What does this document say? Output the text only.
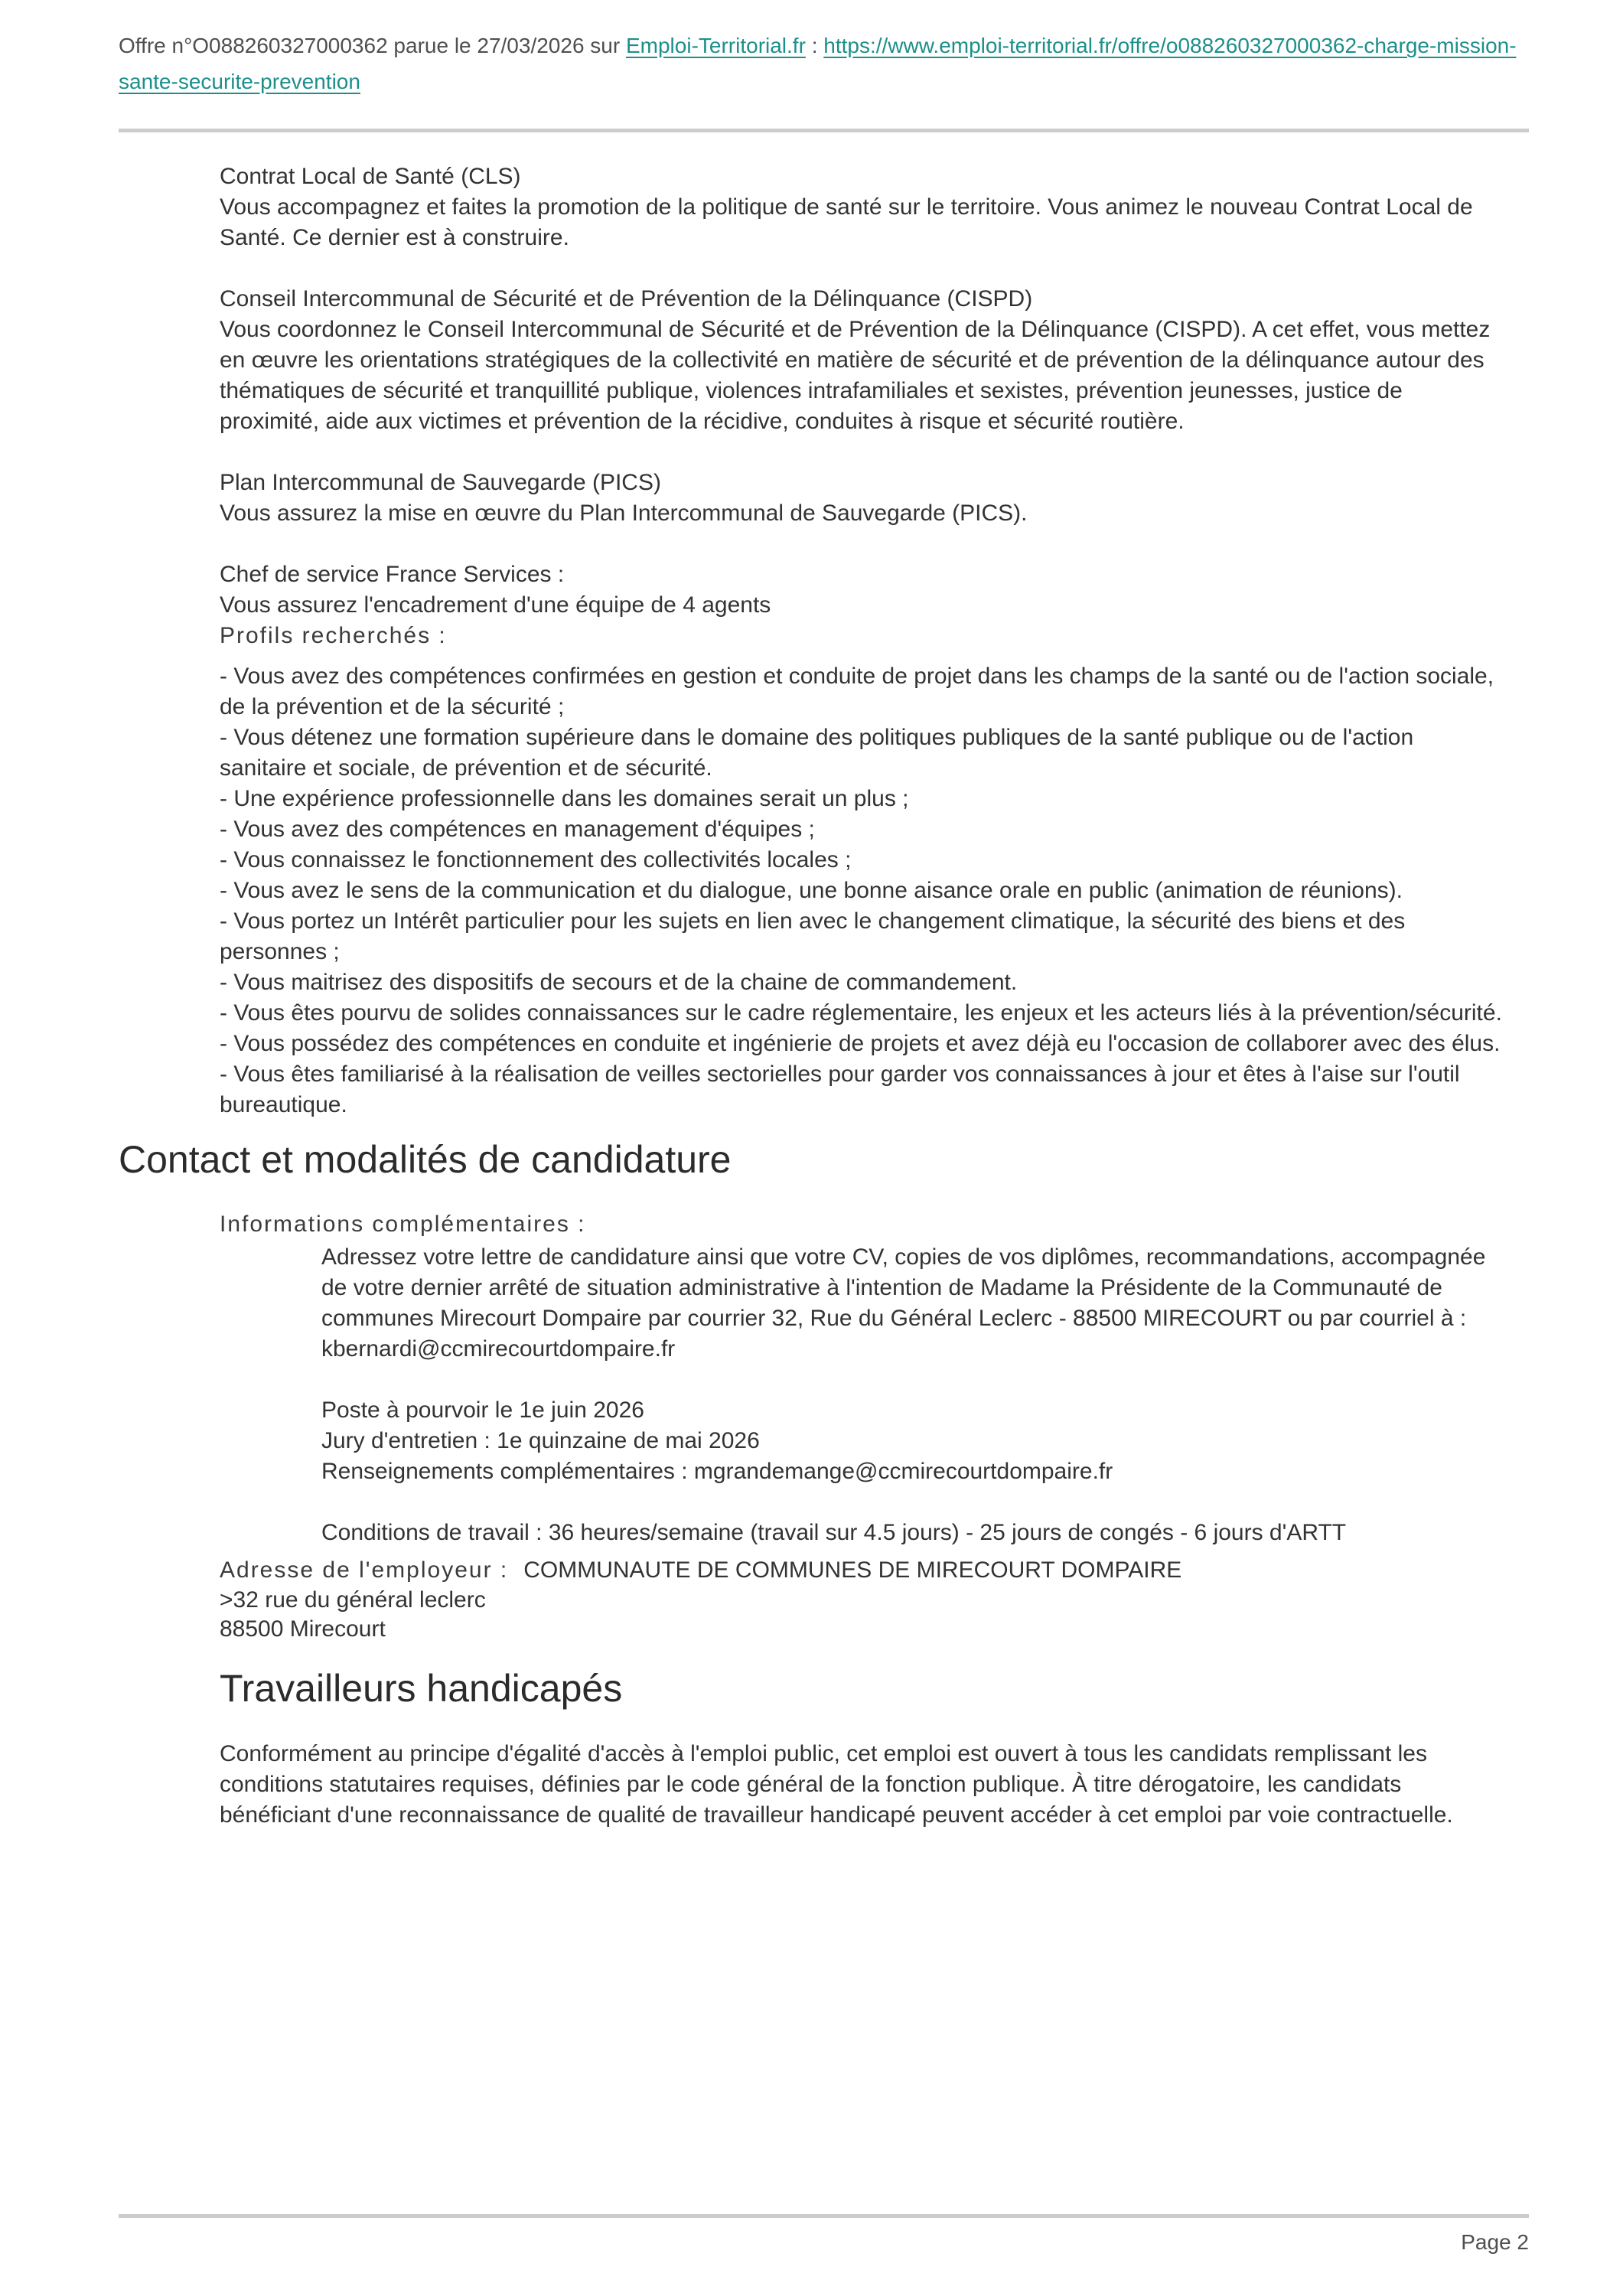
Offre n°O088260327000362 parue le 27/03/2026 sur Emploi-Territorial.fr : https://www.emploi-territorial.fr/offre/o088260327000362-charge-mission-sante-securite-prevention
Contrat Local de Santé (CLS)
Vous accompagnez et faites la promotion de la politique de santé sur le territoire. Vous animez le nouveau Contrat Local de Santé. Ce dernier est à construire.
Conseil Intercommunal de Sécurité et de Prévention de la Délinquance (CISPD)
Vous coordonnez le Conseil Intercommunal de Sécurité et de Prévention de la Délinquance (CISPD). A cet effet, vous mettez en œuvre les orientations stratégiques de la collectivité en matière de sécurité et de prévention de la délinquance autour des thématiques de sécurité et tranquillité publique, violences intrafamiliales et sexistes, prévention jeunesses, justice de proximité, aide aux victimes et prévention de la récidive, conduites à risque et sécurité routière.
Plan Intercommunal de Sauvegarde (PICS)
Vous assurez la mise en œuvre du Plan Intercommunal de Sauvegarde (PICS).
Chef de service France Services :
Vous assurez l'encadrement d'une équipe de 4 agents
Profils recherchés :
- Vous avez des compétences confirmées en gestion et conduite de projet dans les champs de la santé ou de l'action sociale, de la prévention et de la sécurité ;
- Vous détenez une formation supérieure dans le domaine des politiques publiques de la santé publique ou de l'action sanitaire et sociale, de prévention et de sécurité.
- Une expérience professionnelle dans les domaines serait un plus ;
- Vous avez des compétences en management d'équipes ;
- Vous connaissez le fonctionnement des collectivités locales ;
- Vous avez le sens de la communication et du dialogue, une bonne aisance orale en public (animation de réunions).
- Vous portez un Intérêt particulier pour les sujets en lien avec le changement climatique, la sécurité des biens et des personnes ;
- Vous maitrisez des dispositifs de secours et de la chaine de commandement.
- Vous êtes pourvu de solides connaissances sur le cadre réglementaire, les enjeux et les acteurs liés à la prévention/sécurité.
- Vous possédez des compétences en conduite et ingénierie de projets et avez déjà eu l'occasion de collaborer avec des élus.
- Vous êtes familiarisé à la réalisation de veilles sectorielles pour garder vos connaissances à jour et êtes à l'aise sur l'outil bureautique.
Contact et modalités de candidature
Informations complémentaires :
Adressez votre lettre de candidature ainsi que votre CV, copies de vos diplômes, recommandations, accompagnée de votre dernier arrêté de situation administrative à l'intention de Madame la Présidente de la Communauté de communes Mirecourt Dompaire par courrier 32, Rue du Général Leclerc - 88500 MIRECOURT ou par courriel à : kbernardi@ccmirecourtdompaire.fr
Poste à pourvoir le 1e juin 2026
Jury d'entretien : 1e quinzaine de mai 2026
Renseignements complémentaires : mgrandemange@ccmirecourtdompaire.fr
Conditions de travail : 36 heures/semaine (travail sur 4.5 jours) - 25 jours de congés - 6 jours d'ARTT
Adresse de l'employeur : COMMUNAUTE DE COMMUNES DE MIRECOURT DOMPAIRE
>32 rue du général leclerc
88500 Mirecourt
Travailleurs handicapés
Conformément au principe d'égalité d'accès à l'emploi public, cet emploi est ouvert à tous les candidats remplissant les conditions statutaires requises, définies par le code général de la fonction publique. À titre dérogatoire, les candidats bénéficiant d'une reconnaissance de qualité de travailleur handicapé peuvent accéder à cet emploi par voie contractuelle.
Page 2
